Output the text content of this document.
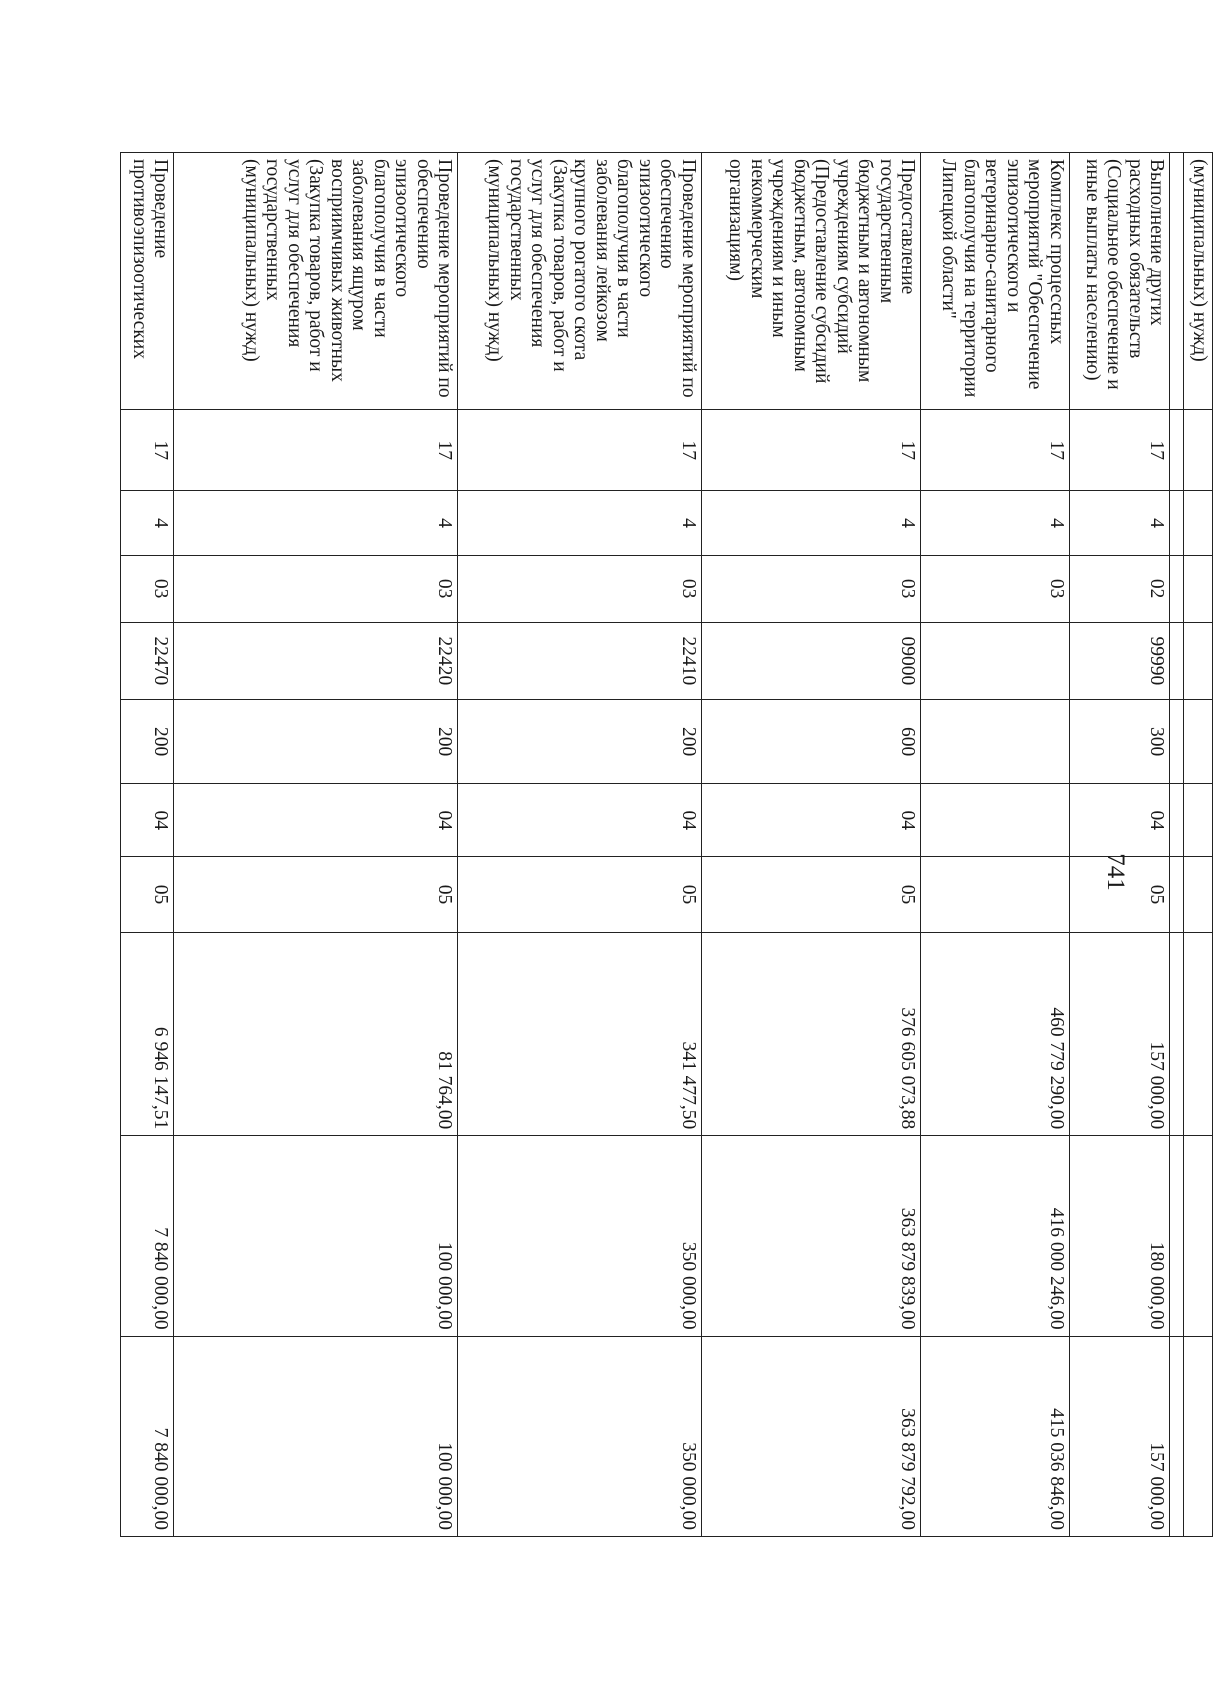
741
(муниципальных) нужд)										

Выполнение других расходных обязательств (Социальное обеспечение и иные выплаты населению)	17	4	02	99990	300	04	05	157 000,00	180 000,00	157 000,00
Комплекс процессных мероприятий "Обеспечение эпизоотического и ветеринарно-санитарного благополучия на территории Липецкой области"	17	4	03					460 779 290,00	416 000 246,00	415 036 846,00
Предоставление государственным бюджетным и автономным учреждениям субсидий (Предоставление субсидий бюджетным, автономным учреждениям и иным некоммерческим организациям)	17	4	03	09000	600	04	05	376 605 073,88	363 879 839,00	363 879 792,00
Проведение мероприятий по обеспечению эпизоотического благополучия в части заболевания лейкозом крупного рогатого скота (Закупка товаров, работ и услуг для обеспечения государственных (муниципальных) нужд)	17	4	03	22410	200	04	05	341 477,50	350 000,00	350 000,00
Проведение мероприятий по обеспечению эпизоотического благополучия в части заболевания ящуром восприимчивых животных (Закупка товаров, работ и услуг для обеспечения государственных (муниципальных) нужд)	17	4	03	22420	200	04	05	81 764,00	100 000,00	100 000,00
Проведение противоэпизоотических	17	4	03	22470	200	04	05	6 946 147,51	7 840 000,00	7 840 000,00
